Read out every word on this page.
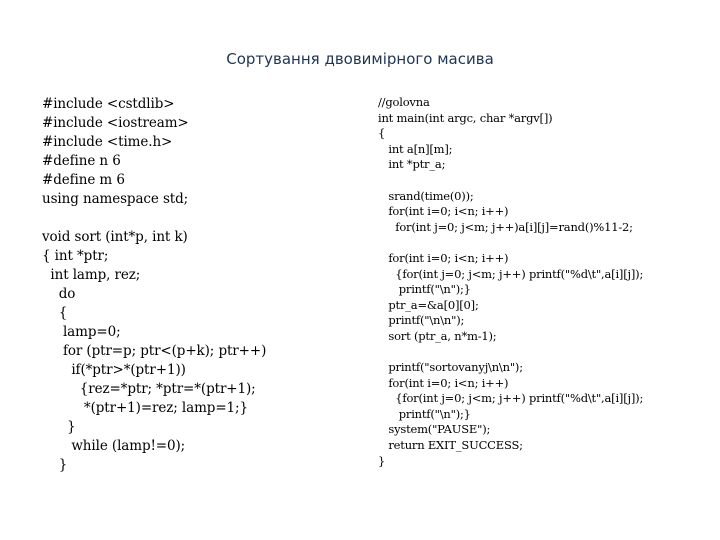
Сортування двовимірного масива
#include <cstdlib>
#include <iostream>
#include <time.h>
#define n 6
#define m 6
using namespace std;

void sort (int*p, int k)
{ int *ptr;
int lamp, rez;
do
{
lamp=0;
for (ptr=p; ptr<(p+k); ptr++)
if(*ptr>*(ptr+1))
{rez=*ptr; *ptr=*(ptr+1);
*(ptr+1)=rez; lamp=1;}
}
while (lamp!=0);
}
//golovna
int main(int argc, char *argv[])
{
int a[n][m];
int *ptr_a;

srand(time(0));
for(int i=0; i<n; i++)
for(int j=0; j<m; j++)a[i][j]=rand()%11-2;

for(int i=0; i<n; i++)
{for(int j=0; j<m; j++) printf("%d\t",a[i][j]);
printf("\n");}
ptr_a=&a[0][0];
printf("\n\n");
sort (ptr_a, n*m-1);

printf("sortovanyj\n\n");
for(int i=0; i<n; i++)
{for(int j=0; j<m; j++) printf("%d\t",a[i][j]);
printf("\n");}
system("PAUSE");
return EXIT_SUCCESS;
}
